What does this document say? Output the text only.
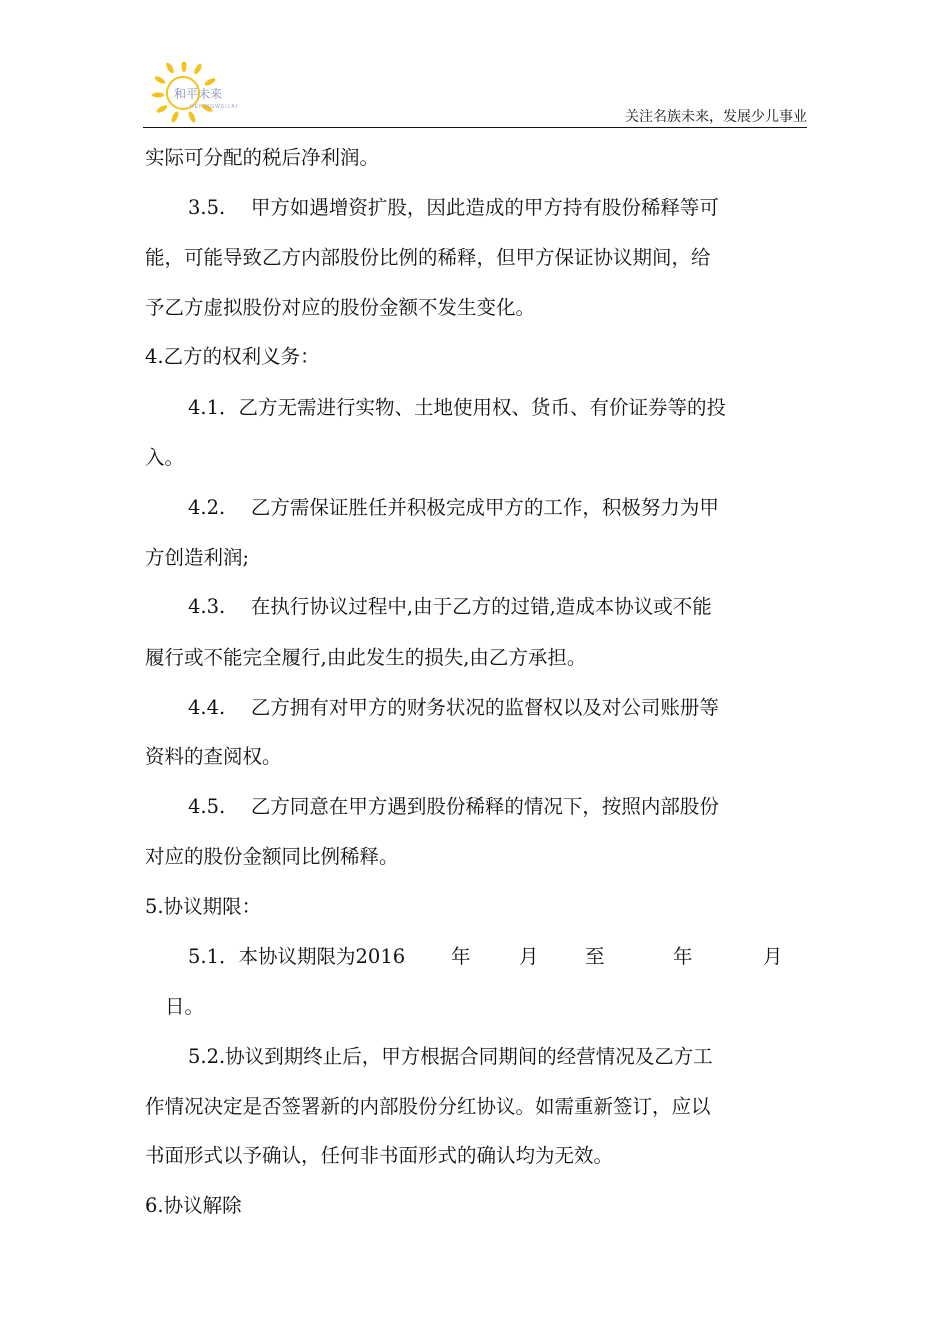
和平未来
HEPINGWEILAI
关注名族未来，发展少儿事业
实际可分配的税后净利润。
3.5.　 甲方如遇增资扩股，因此造成的甲方持有股份稀释等可
能，可能导致乙方内部股份比例的稀释，但甲方保证协议期间，给
予乙方虚拟股份对应的股份金额不发生变化。
4.乙方的权利义务：
4.1．乙方无需进行实物、土地使用权、货币、有价证券等的投
入。
4.2.　 乙方需保证胜任并积极完成甲方的工作，积极努力为甲
方创造利润;
4.3.　 在执行协议过程中,由于乙方的过错,造成本协议或不能
履行或不能完全履行,由此发生的损失,由乙方承担。
4.4.　 乙方拥有对甲方的财务状况的监督权以及对公司账册等
资料的查阅权。
4.5.　 乙方同意在甲方遇到股份稀释的情况下，按照内部股份
对应的股份金额同比例稀释。
5.协议期限：
5.1．本协议期限为2016 年 月 至	年	月
日。
5.2.协议到期终止后，甲方根据合同期间的经营情况及乙方工
作情况决定是否签署新的内部股份分红协议。如需重新签订，应以
书面形式以予确认，任何非书面形式的确认均为无效。
6.协议解除
